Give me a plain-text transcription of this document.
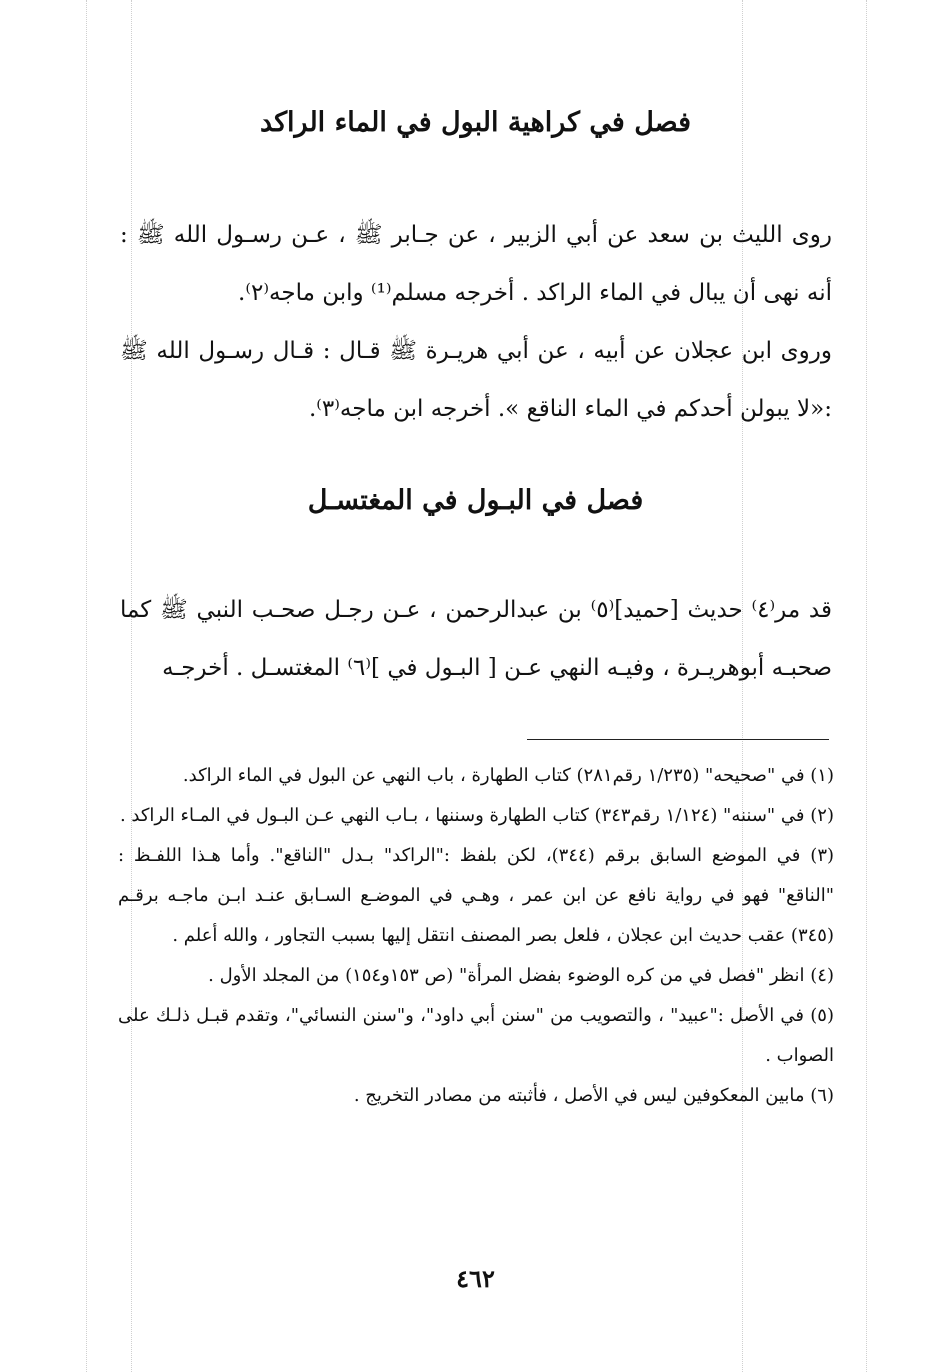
فصل في كراهية البول في الماء الراكد

روى الليث بن سعد عن أبي الزبير ، عن جـابر ﷺ ، عـن رسـول الله ﷺ : أنه نهى أن يبال في الماء الراكد . أخرجه مسلم⁽¹⁾ وابن ماجه⁽٢⁾.

وروى ابن عجلان عن أبيه ، عن أبي هريـرة ﷺ قـال : قـال رسـول الله ﷺ :«لا يبولن أحدكم في الماء الناقع ». أخرجه ابن ماجه⁽٣⁾.

فصل في البـول في المغتسـل

قد مر⁽٤⁾ حديث [حميد]⁽٥⁾ بن عبدالرحمن ، عـن رجـل صحـب النبي ﷺ كما صحبـه أبوهريـرة ، وفيـه النهي عـن [ البـول في ]⁽٦⁾ المغتسـل . أخرجـه

(١) في "صحيحه" (١/٢٣٥ رقم٢٨١) كتاب الطهارة ، باب النهي عن البول في الماء الراكد.

(٢) في "سننه" (١/١٢٤ رقم٣٤٣) كتاب الطهارة وسننها ، بـاب النهي عـن البـول في المـاء الراكد .

(٣) في الموضع السابق برقم (٣٤٤)، لكن بلفظ :"الراكد" بـدل "الناقع". وأما هـذا اللفـظ : "الناقع" فهو في رواية نافع عن ابن عمر ، وهـي في الموضـع السـابق عنـد ابـن ماجـه برقـم (٣٤٥) عقب حديث ابن عجلان ، فلعل بصر المصنف انتقل إليها بسبب التجاور ، والله أعلم .

(٤) انظر "فصل في من كره الوضوء بفضل المرأة" (ص ١٥٣و١٥٤) من المجلد الأول .

(٥) في الأصل :"عبيد" ، والتصويب من "سنن أبي داود"، و"سنن النسائي"، وتقدم قبـل ذلـك على الصواب .

(٦) مابين المعكوفين ليس في الأصل ، فأثبته من مصادر التخريج .

٤٦٢
